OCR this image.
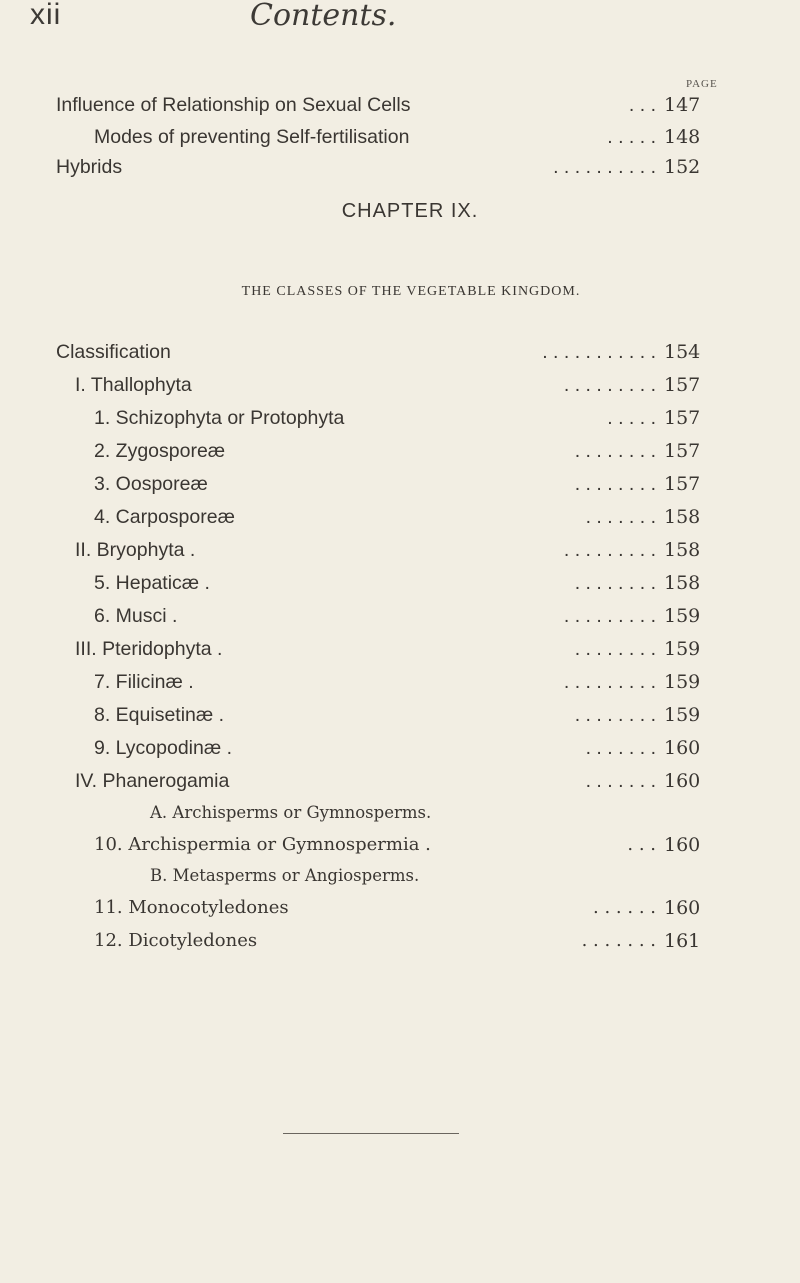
xii	Contents.
PAGE
Influence of Relationship on Sexual Cells	. . . 147
Modes of preventing Self-fertilisation	. . . . . 148
Hybrids	. . . . . . . . . . 152
CHAPTER IX.
THE CLASSES OF THE VEGETABLE KINGDOM.
Classification	. . . . . . . . . . . 154
I. Thallophyta	. . . . . . . . . 157
1. Schizophyta or Protophyta	. . . . . 157
2. Zygosporeæ	. . . . . . . . 157
3. Oosporeæ	. . . . . . . . 157
4. Carposporeæ	. . . . . . . 158
II. Bryophyta .	. . . . . . . . . 158
5. Hepaticæ .	. . . . . . . . 158
6. Musci .	. . . . . . . . . 159
III. Pteridophyta .	. . . . . . . . 159
7. Filicinæ .	. . . . . . . . . 159
8. Equisetinæ .	. . . . . . . . 159
9. Lycopodinæ .	. . . . . . . 160
IV. Phanerogamia	. . . . . . . 160
A. Archisperms or Gymnosperms.
10. Archispermia or Gymnospermia .	. . . 160
B. Metasperms or Angiosperms.
11. Monocotyledones	. . . . . . 160
12. Dicotyledones	. . . . . . . 161
